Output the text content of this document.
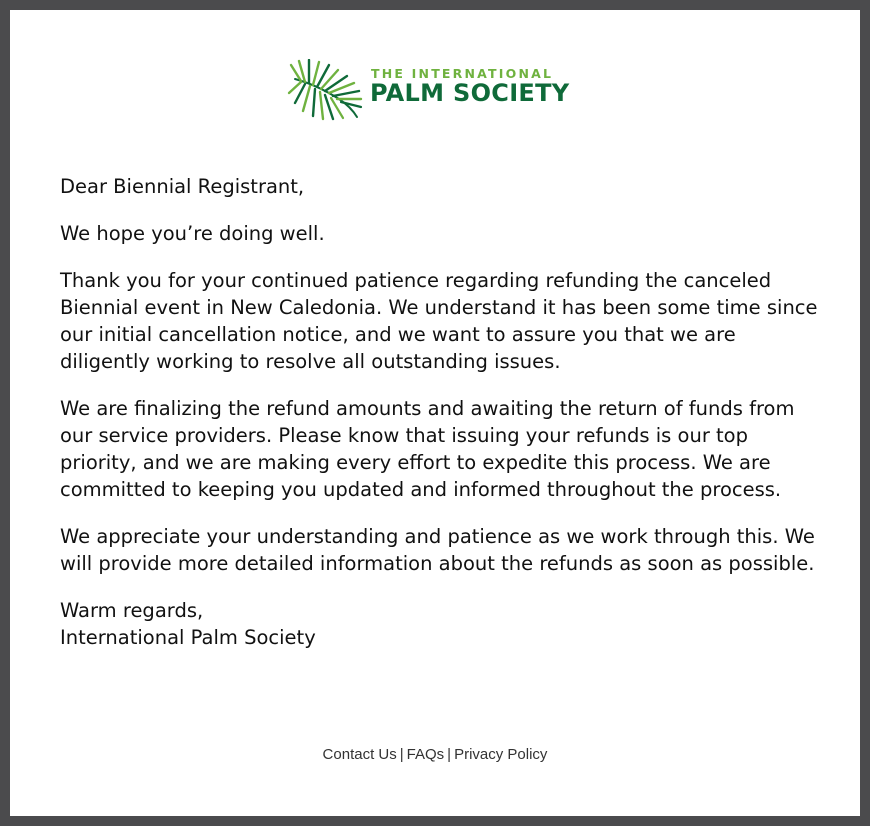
THE INTERNATIONAL
PALM SOCIETY

Dear Biennial Registrant,

We hope you’re doing well.

Thank you for your continued patience regarding refunding the canceled Biennial event in New Caledonia. We understand it has been some time since our initial cancellation notice, and we want to assure you that we are diligently working to resolve all outstanding issues.

We are finalizing the refund amounts and awaiting the return of funds from our service providers. Please know that issuing your refunds is our top priority, and we are making every effort to expedite this process. We are committed to keeping you updated and informed throughout the process.

We appreciate your understanding and patience as we work through this. We will provide more detailed information about the refunds as soon as possible.

Warm regards,
International Palm Society

Contact Us | FAQs | Privacy Policy
